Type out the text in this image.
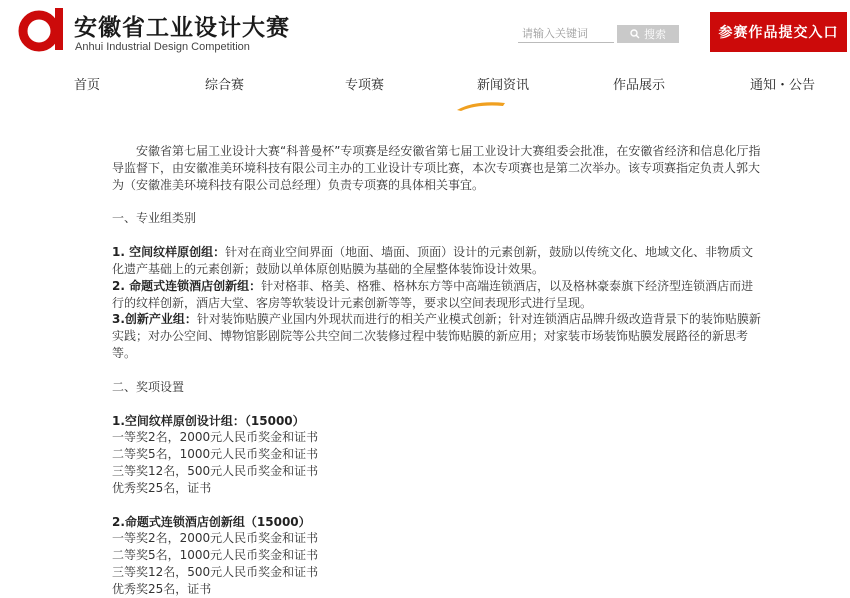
安徽省工业设计大赛
Anhui Industrial Design Competition
请输入关键词
搜索	参赛作品提交入口
首页	综合赛	专项赛	新闻资讯	作品展示	通知・公告

安徽省第七届工业设计大赛“科普曼杯”专项赛是经安徽省第七届工业设计大赛组委会批准，在安徽省经济和信息化厅指导监督下，由安徽准美环境科技有限公司主办的工业设计专项比赛，本次专项赛也是第二次举办。该专项赛指定负责人郭大为（安徽准美环境科技有限公司总经理）负责专项赛的具体相关事宜。

一、专业组类别

1. 空间纹样原创组：针对在商业空间界面（地面、墙面、顶面）设计的元素创新，鼓励以传统文化、地域文化、非物质文化遗产基础上的元素创新；鼓励以单体原创贴膜为基础的全屋整体装饰设计效果。

2. 命题式连锁酒店创新组：针对格菲、格美、格雅、格林东方等中高端连锁酒店，以及格林豪泰旗下经济型连锁酒店而进行的纹样创新，酒店大堂、客房等软装设计元素创新等等，要求以空间表现形式进行呈现。

3.创新产业组：针对装饰贴膜产业国内外现状而进行的相关产业模式创新；针对连锁酒店品牌升级改造背景下的装饰贴膜新实践；对办公空间、博物馆影剧院等公共空间二次装修过程中装饰贴膜的新应用；对家装市场装饰贴膜发展路径的新思考等。

二、奖项设置

1.空间纹样原创设计组：（15000）

一等奖2名，2000元人民币奖金和证书

二等奖5名，1000元人民币奖金和证书

三等奖12名，500元人民币奖金和证书

优秀奖25名，证书

2.命题式连锁酒店创新组（15000）

一等奖2名，2000元人民币奖金和证书

二等奖5名，1000元人民币奖金和证书

三等奖12名，500元人民币奖金和证书

优秀奖25名，证书
